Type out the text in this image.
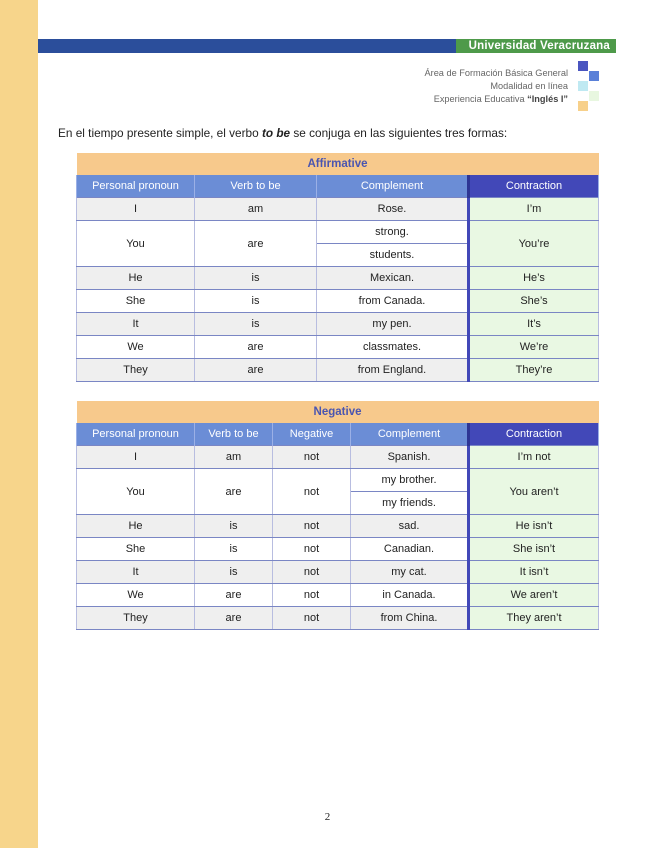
Universidad Veracruzana
Área de Formación Básica General
Modalidad en línea
Experiencia Educativa “Inglés I”
En el tiempo presente simple, el verbo to be se conjuga en las siguientes tres formas:
Affirmative			
Personal pronoun	Verb to be	Complement	Contraction
I	am	Rose.	I’m
You	are	strong.	You’re
		students.	
He	is	Mexican.	He’s
She	is	from Canada.	She’s
It	is	my pen.	It’s
We	are	classmates.	We’re
They	are	from England.	They’re
Negative				
Personal pronoun	Verb to be	Negative	Complement	Contraction
I	am	not	Spanish.	I’m not
You	are	not	my brother.	You aren’t
			my friends.	
He	is	not	sad.	He isn’t
She	is	not	Canadian.	She isn’t
It	is	not	my cat.	It isn’t
We	are	not	in Canada.	We aren’t
They	are	not	from China.	They aren’t
2
